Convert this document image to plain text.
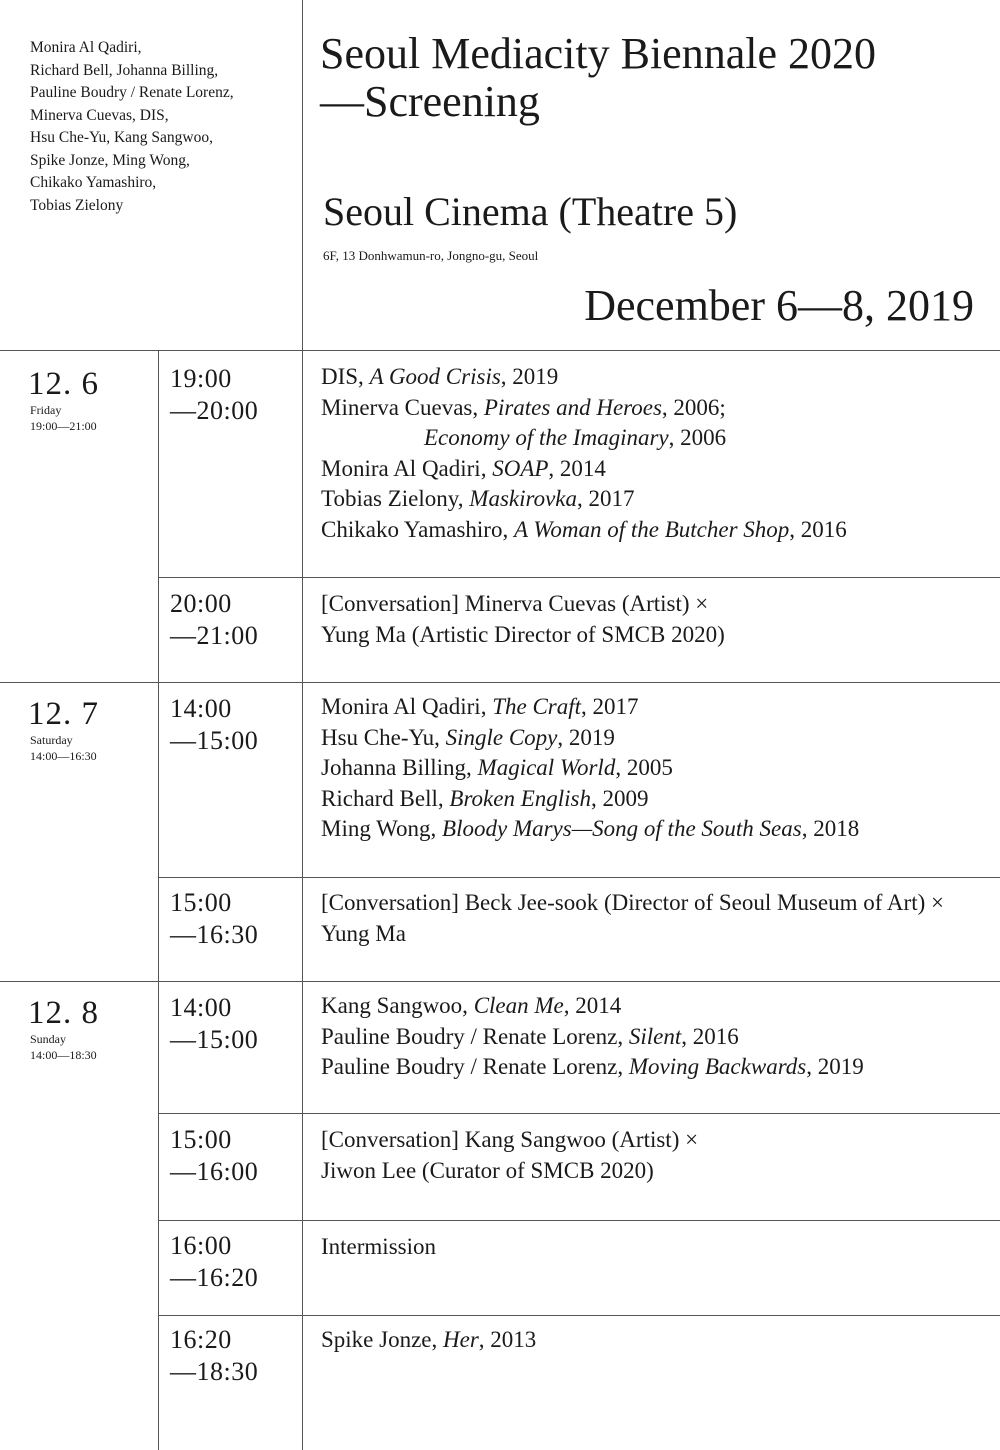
Monira Al Qadiri,
Richard Bell, Johanna Billing,
Pauline Boudry / Renate Lorenz,
Minerva Cuevas, DIS,
Hsu Che-Yu, Kang Sangwoo,
Spike Jonze, Ming Wong,
Chikako Yamashiro,
Tobias Zielony
Seoul Mediacity Biennale 2020
—Screening
Seoul Cinema (Theatre 5)
6F, 13 Donhwamun-ro, Jongno-gu, Seoul
December 6—8, 2019
12. 6
Friday
19:00—21:00
19:00
—20:00
DIS, A Good Crisis, 2019
Minerva Cuevas, Pirates and Heroes, 2006;
Economy of the Imaginary, 2006
Monira Al Qadiri, SOAP, 2014
Tobias Zielony, Maskirovka, 2017
Chikako Yamashiro, A Woman of the Butcher Shop, 2016
20:00
—21:00
[Conversation] Minerva Cuevas (Artist) ×
Yung Ma (Artistic Director of SMCB 2020)
12. 7
Saturday
14:00—16:30
14:00
—15:00
Monira Al Qadiri, The Craft, 2017
Hsu Che-Yu, Single Copy, 2019
Johanna Billing, Magical World, 2005
Richard Bell, Broken English, 2009
Ming Wong, Bloody Marys—Song of the South Seas, 2018
15:00
—16:30
[Conversation] Beck Jee-sook (Director of Seoul Museum of Art) × Yung Ma
12. 8
Sunday
14:00—18:30
14:00
—15:00
Kang Sangwoo, Clean Me, 2014
Pauline Boudry / Renate Lorenz, Silent, 2016
Pauline Boudry / Renate Lorenz, Moving Backwards, 2019
15:00
—16:00
[Conversation] Kang Sangwoo (Artist) ×
Jiwon Lee (Curator of SMCB 2020)
16:00
—16:20
Intermission
16:20
—18:30
Spike Jonze, Her, 2013
